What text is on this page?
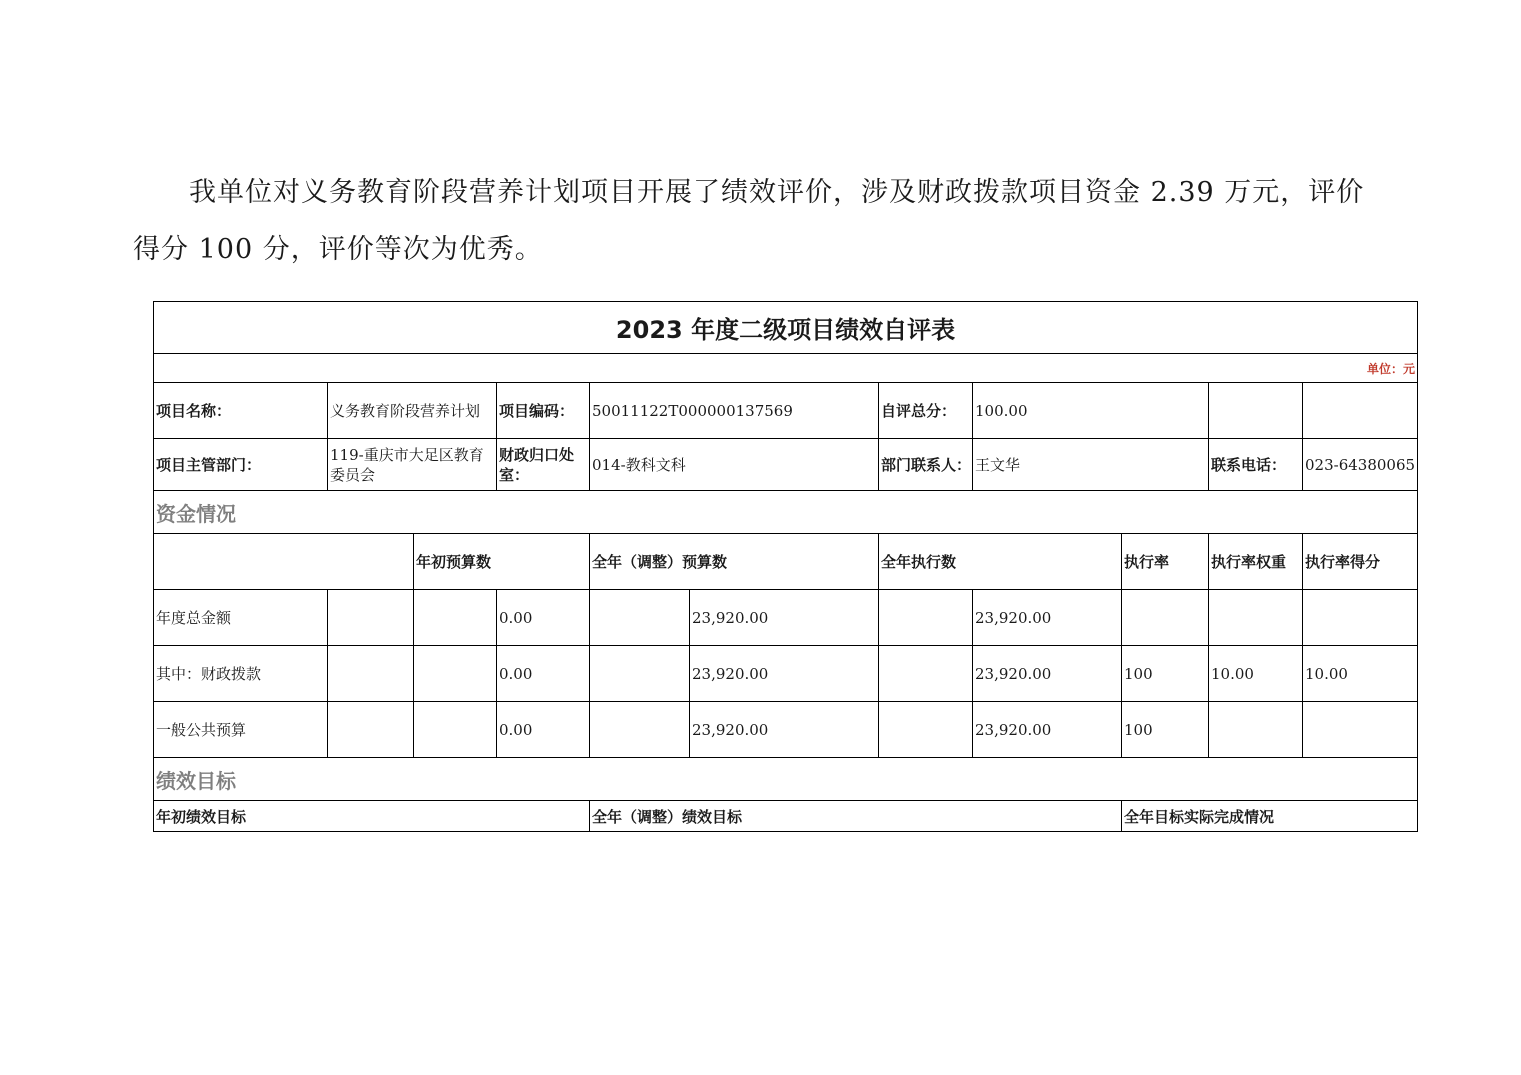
我单位对义务教育阶段营养计划项目开展了绩效评价，涉及财政拨款项目资金 2.39 万元，评价
得分 100 分，评价等次为优秀。

2023 年度二级项目绩效自评表
单位：元
项目名称：	义务教育阶段营养计划	项目编码：	50011122T000000137569	自评总分：	100.00
项目主管部门：
119-重庆市大足区教育委员会
财政归口处室：
014-教科文科	部门联系人： 王文华	联系电话：	023-64380065
资金情况
年初预算数	全年（调整）预算数	全年执行数	执行率	执行率权重	执行率得分
年度总金额	0.00	23,920.00	23,920.00
其中：财政拨款	0.00	23,920.00	23,920.00	100	10.00	10.00
一般公共预算	0.00	23,920.00	23,920.00	100
绩效目标
年初绩效目标	全年（调整）绩效目标	全年目标实际完成情况
